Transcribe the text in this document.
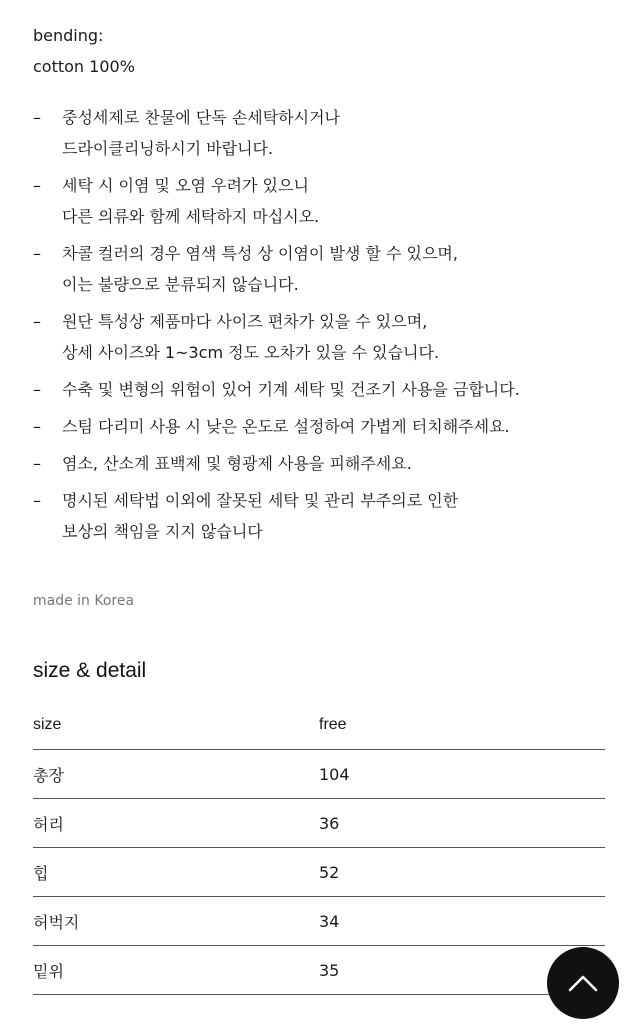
bending:
cotton 100%
– 중성세제로 찬물에 단독 손세탁하시거나
드라이클리닝하시기 바랍니다.
– 세탁 시 이염 및 오염 우려가 있으니
다른 의류와 함께 세탁하지 마십시오.
– 차콜 컬러의 경우 염색 특성 상 이염이 발생 할 수 있으며,
이는 불량으로 분류되지 않습니다.
– 원단 특성상 제품마다 사이즈 편차가 있을 수 있으며,
상세 사이즈와 1~3cm 정도 오차가 있을 수 있습니다.
– 수축 및 변형의 위험이 있어 기계 세탁 및 건조기 사용을 금합니다.
– 스팀 다리미 사용 시 낮은 온도로 설정하여 가볍게 터치해주세요.
– 염소, 산소계 표백제 및 형광제 사용을 피해주세요.
– 명시된 세탁법 이외에 잘못된 세탁 및 관리 부주의로 인한
보상의 책임을 지지 않습니다
made in Korea
size & detail
size	free
총장	104
허리	36
힙	52
허벅지	34
밑위	35
